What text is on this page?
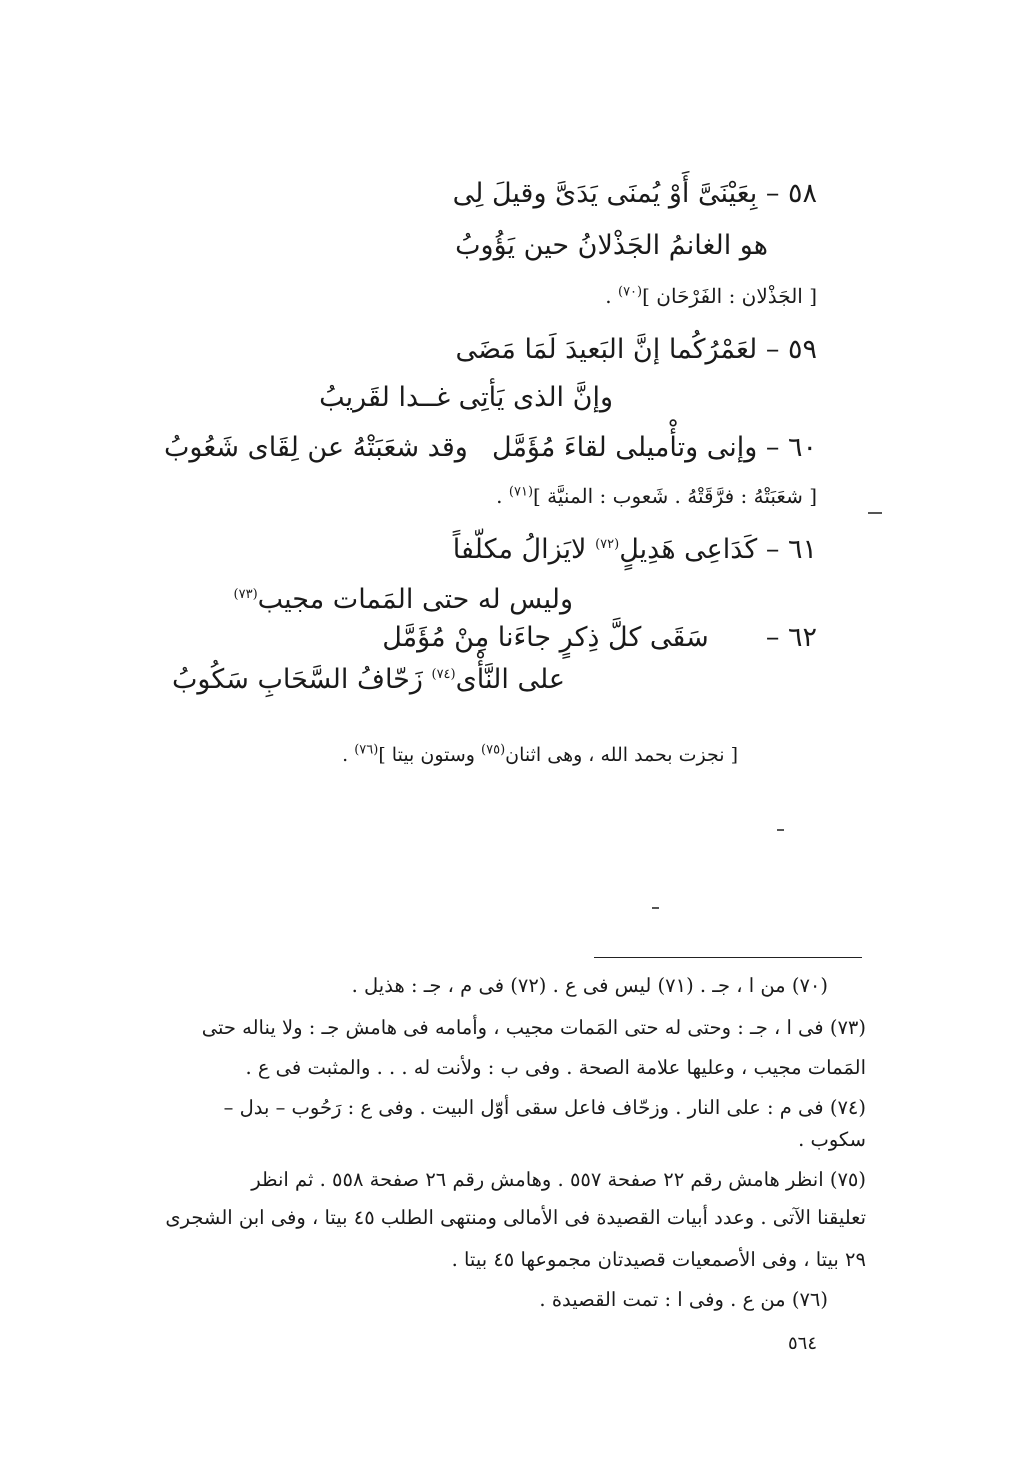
٥٨ – بِعَيْنَىَّ أَوْ يُمنَى يَدَىَّ وقيلَ لِى
هو الغانمُ الجَذْلانُ حين يَؤُوبُ
[ الجَذْلان : الفَرْحَان ]$^{(٧٠)}$ .
٥٩ – لعَمْرُكُما إنَّ البَعيدَ لَمَا مَضَى
وإنَّ الذى يَأتِى غــدا لقَريبُ
٦٠ – وإنى وتأْميلى لقاءَ مُؤَمَّل
وقد شعَبَتْهُ عن لِقَاى شَعُوبُ
[ شعَبَتْهُ : فرَّقَتْهُ . شَعوب : المنيَّة ]$^{(٧١)}$ .
٦١ – كَدَاعِى هَدِيلٍ$^{(٧٢)}$ لايَزالُ مكلّفاً
وليس له حتى المَمات مجيب$^{(٧٣)}$
٦٢ –  سَقَى كلَّ ذِكرٍ جاءَنا مِنْ مُؤَمَّل
على النَّأْى$^{(٧٤)}$ زَحّافُ السَّحَابِ سَكُوبُ
[ نجزت بحمد الله ، وهى اثنان$^{(٧٥)}$ وستون بيتا ]$^{(٧٦)}$ .
(٧٠) من ا ، جـ . (٧١) ليس فى ع . (٧٢) فى م ، جـ : هذيل .
(٧٣) فى ا ، جـ : وحتى له حتى المَمات مجيب ، وأمامه فى هامش جـ : ولا يناله حتى
المَمات مجيب ، وعليها علامة الصحة . وفى ب : ولأنت له . . . والمثبت فى ع .
(٧٤) فى م : على النار . وزحّاف فاعل سقى أوّل البيت . وفى ع : رَحُوب – بدل –
سكوب .
(٧٥) انظر هامش رقم ٢٢ صفحة ٥٥٧ . وهامش رقم ٢٦ صفحة ٥٥٨ . ثم انظر
تعليقنا الآتى . وعدد أبيات القصيدة فى الأمالى ومنتهى الطلب ٤٥ بيتا ، وفى ابن الشجرى
٢٩ بيتا ، وفى الأصمعيات قصيدتان مجموعها ٤٥ بيتا .
(٧٦) من ع . وفى ا : تمت القصيدة .
٥٦٤
